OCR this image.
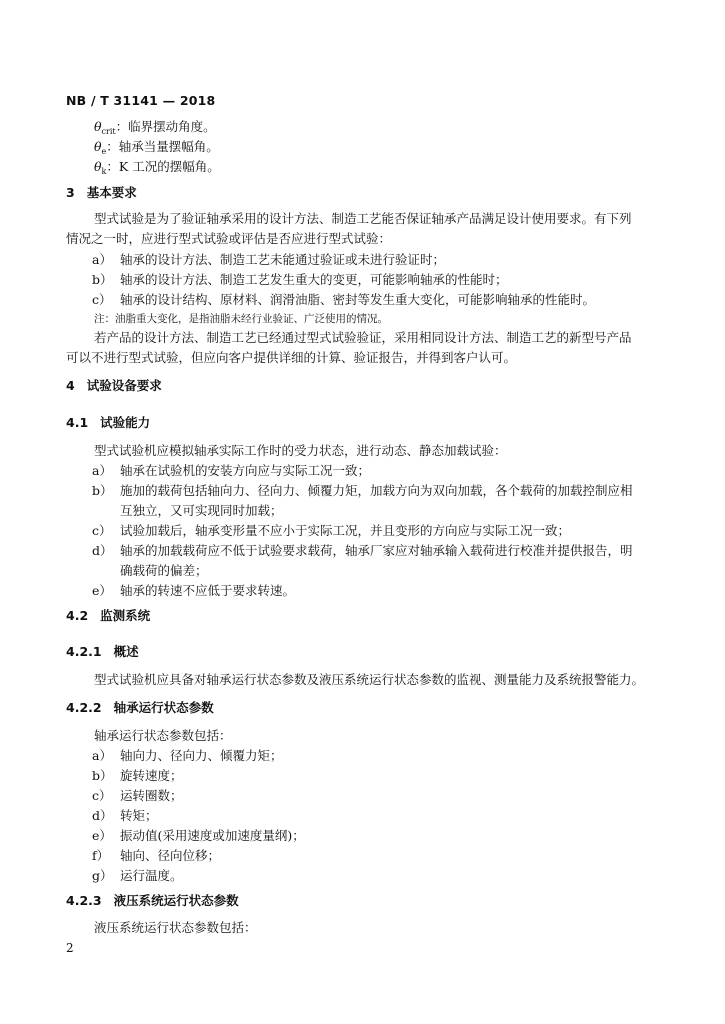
NB / T 31141 — 2018
$\theta_{crit}$：临界摆动角度。
$\theta_e$：轴承当量摆幅角。
$\theta_k$：K 工况的摆幅角。
3 基本要求
型式试验是为了验证轴承采用的设计方法、制造工艺能否保证轴承产品满足设计使用要求。有下列
情况之一时，应进行型式试验或评估是否应进行型式试验：
a） 轴承的设计方法、制造工艺未能通过验证或未进行验证时；
b） 轴承的设计方法、制造工艺发生重大的变更，可能影响轴承的性能时；
c） 轴承的设计结构、原材料、润滑油脂、密封等发生重大变化，可能影响轴承的性能时。
注：油脂重大变化，是指油脂未经行业验证、广泛使用的情况。
若产品的设计方法、制造工艺已经通过型式试验验证，采用相同设计方法、制造工艺的新型号产品
可以不进行型式试验，但应向客户提供详细的计算、验证报告，并得到客户认可。
4 试验设备要求
4.1 试验能力
型式试验机应模拟轴承实际工作时的受力状态，进行动态、静态加载试验：
a） 轴承在试验机的安装方向应与实际工况一致；
b） 施加的载荷包括轴向力、径向力、倾覆力矩，加载方向为双向加载，各个载荷的加载控制应相
互独立，又可实现同时加载；
c） 试验加载后，轴承变形量不应小于实际工况，并且变形的方向应与实际工况一致；
d） 轴承的加载载荷应不低于试验要求载荷，轴承厂家应对轴承输入载荷进行校准并提供报告，明
确载荷的偏差；
e） 轴承的转速不应低于要求转速。
4.2 监测系统
4.2.1 概述
型式试验机应具备对轴承运行状态参数及液压系统运行状态参数的监视、测量能力及系统报警能力。
4.2.2 轴承运行状态参数
轴承运行状态参数包括：
a） 轴向力、径向力、倾覆力矩；
b） 旋转速度；
c） 运转圈数；
d） 转矩；
e） 振动值(采用速度或加速度量纲)；
f） 轴向、径向位移；
g） 运行温度。
4.2.3 液压系统运行状态参数
液压系统运行状态参数包括：
2
